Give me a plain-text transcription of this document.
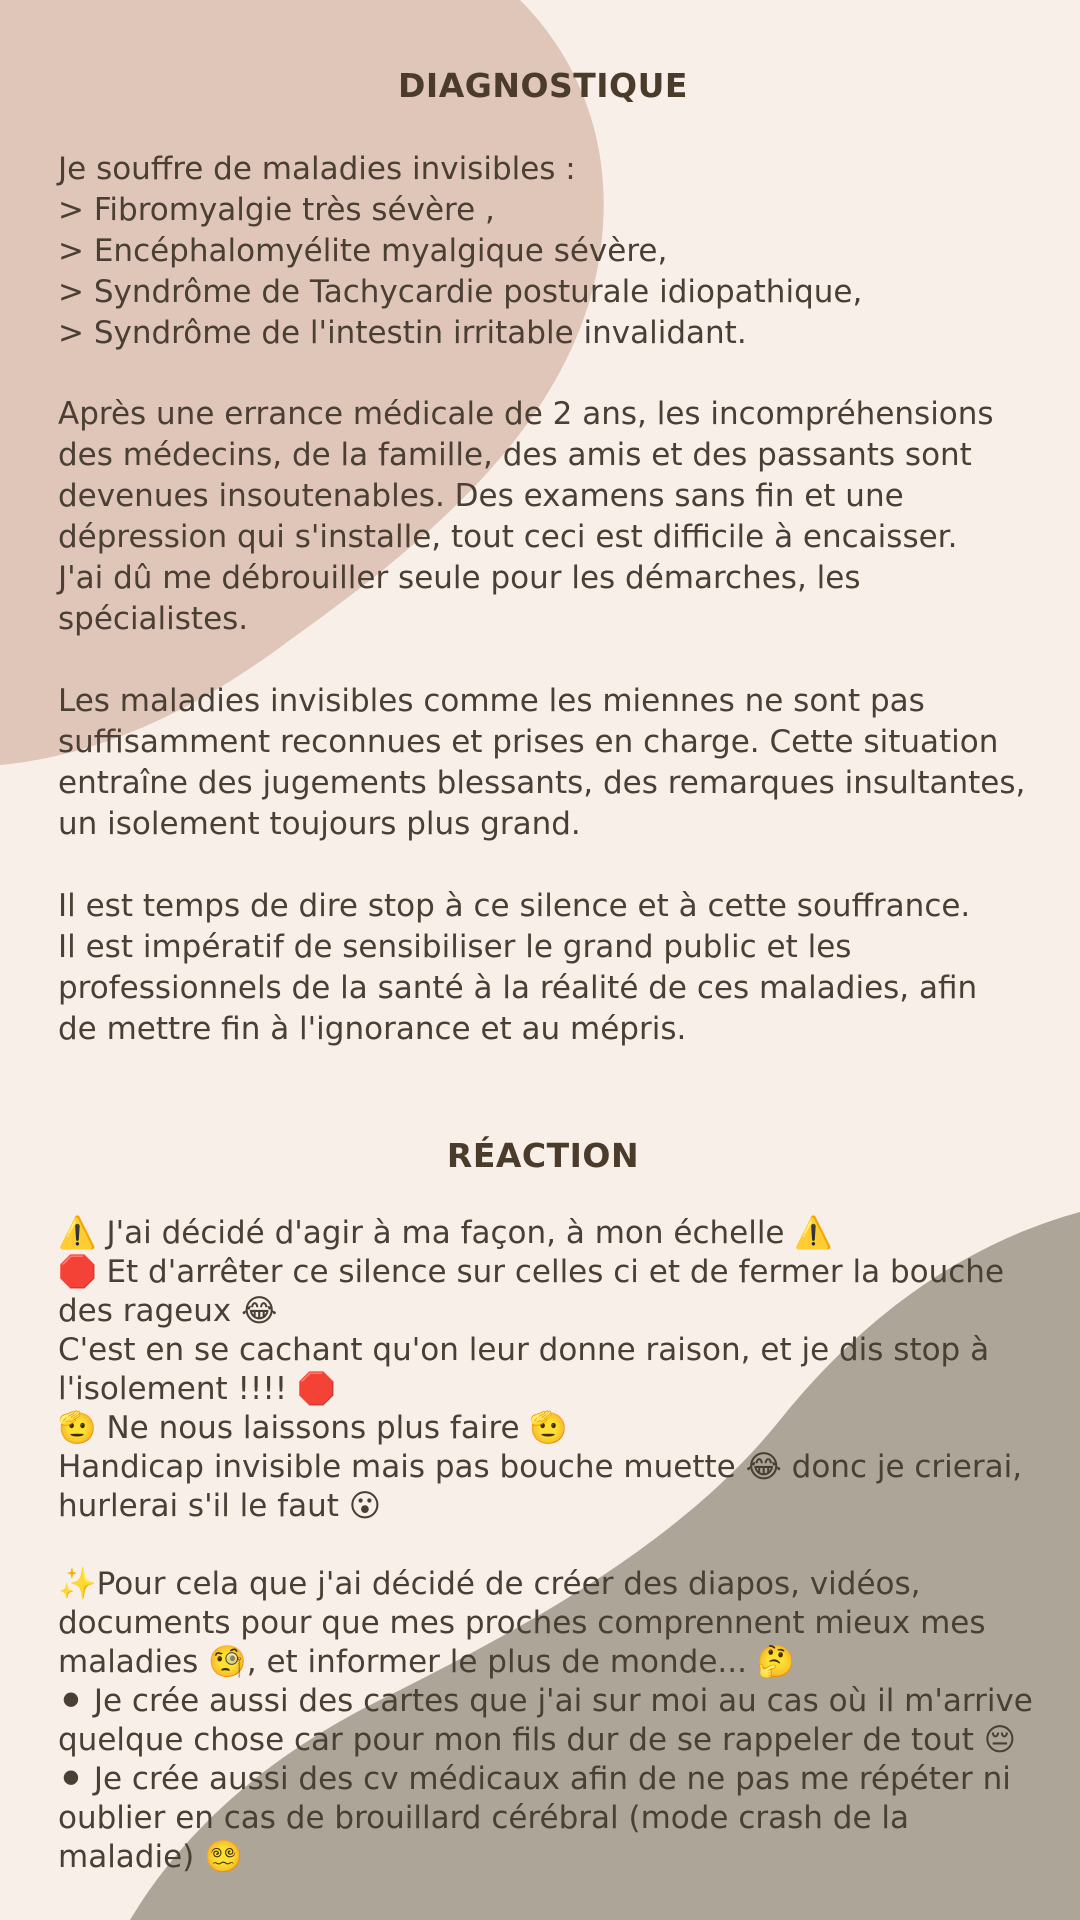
DIAGNOSTIQUE
Je souffre de maladies invisibles :
> Fibromyalgie très sévère ,
> Encéphalomyélite myalgique sévère,
> Syndrôme de Tachycardie posturale idiopathique,
> Syndrôme de l'intestin irritable invalidant.
Après une errance médicale de 2 ans, les incompréhensions
des médecins, de la famille, des amis et des passants sont
devenues insoutenables. Des examens sans fin et une
dépression qui s'installe, tout ceci est difficile à encaisser.
J'ai dû me débrouiller seule pour les démarches, les
spécialistes.
Les maladies invisibles comme les miennes ne sont pas
suffisamment reconnues et prises en charge. Cette situation
entraîne des jugements blessants, des remarques insultantes,
un isolement toujours plus grand.
Il est temps de dire stop à ce silence et à cette souffrance.
Il est impératif de sensibiliser le grand public et les
professionnels de la santé à la réalité de ces maladies, afin
de mettre fin à l'ignorance et au mépris.
RÉACTION
⚠️ J'ai décidé d'agir à ma façon, à mon échelle ⚠️
🛑 Et d'arrêter ce silence sur celles ci et de fermer la bouche
des rageux 😂
C'est en se cachant qu'on leur donne raison, et je dis stop à
l'isolement !!!! 🛑
🫡 Ne nous laissons plus faire 🫡
Handicap invisible mais pas bouche muette 😂 donc je crierai,
hurlerai s'il le faut 😮
✨Pour cela que j'ai décidé de créer des diapos, vidéos,
documents pour que mes proches comprennent mieux mes
maladies 🧐, et informer le plus de monde... 🤔
⚫ Je crée aussi des cartes que j'ai sur moi au cas où il m'arrive
quelque chose car pour mon fils dur de se rappeler de tout 😔
⚫ Je crée aussi des cv médicaux afin de ne pas me répéter ni
oublier en cas de brouillard cérébral (mode crash de la
maladie) 😵‍💫
